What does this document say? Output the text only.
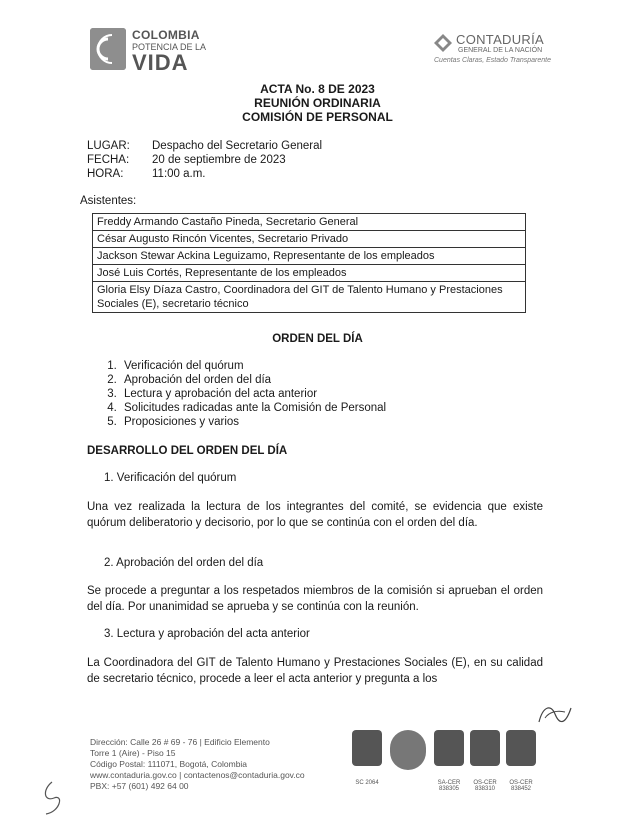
COLOMBIA
POTENCIA DE LA
VIDA
CONTADURÍA
GENERAL DE LA NACIÓN
Cuentas Claras, Estado Transparente
ACTA No. 8 DE 2023
REUNIÓN ORDINARIA
COMISIÓN DE PERSONAL
LUGAR: Despacho del Secretario General
FECHA: 20 de septiembre de 2023
HORA: 11:00 a.m.
Asistentes:
Freddy Armando Castaño Pineda, Secretario General
César Augusto Rincón Vicentes, Secretario Privado
Jackson Stewar Ackina Leguizamo, Representante de los empleados
José Luis Cortés, Representante de los empleados
Gloria Elsy Díaza Castro, Coordinadora del GIT de Talento Humano y Prestaciones Sociales (E), secretario técnico
ORDEN DEL DÍA
1. Verificación del quórum
2. Aprobación del orden del día
3. Lectura y aprobación del acta anterior
4. Solicitudes radicadas ante la Comisión de Personal
5. Proposiciones y varios
DESARROLLO DEL ORDEN DEL DÍA
1. Verificación del quórum
Una vez realizada la lectura de los integrantes del comité, se evidencia que existe quórum deliberatorio y decisorio, por lo que se continúa con el orden del día.
2. Aprobación del orden del día
Se procede a preguntar a los respetados miembros de la comisión si aprueban el orden del día. Por unanimidad se aprueba y se continúa con la reunión.
3. Lectura y aprobación del acta anterior
La Coordinadora del GIT de Talento Humano y Prestaciones Sociales (E), en su calidad de secretario técnico, procede a leer el acta anterior y pregunta a los
Dirección: Calle 26 # 69 - 76 | Edificio Elemento
Torre 1 (Aire) - Piso 15
Código Postal: 111071, Bogotá, Colombia
www.contaduria.gov.co | contactenos@contaduria.gov.co
PBX: +57 (601) 492 64 00	SC 2064	SA-CER 838305
OS-CER 838310
OS-CER 838452
